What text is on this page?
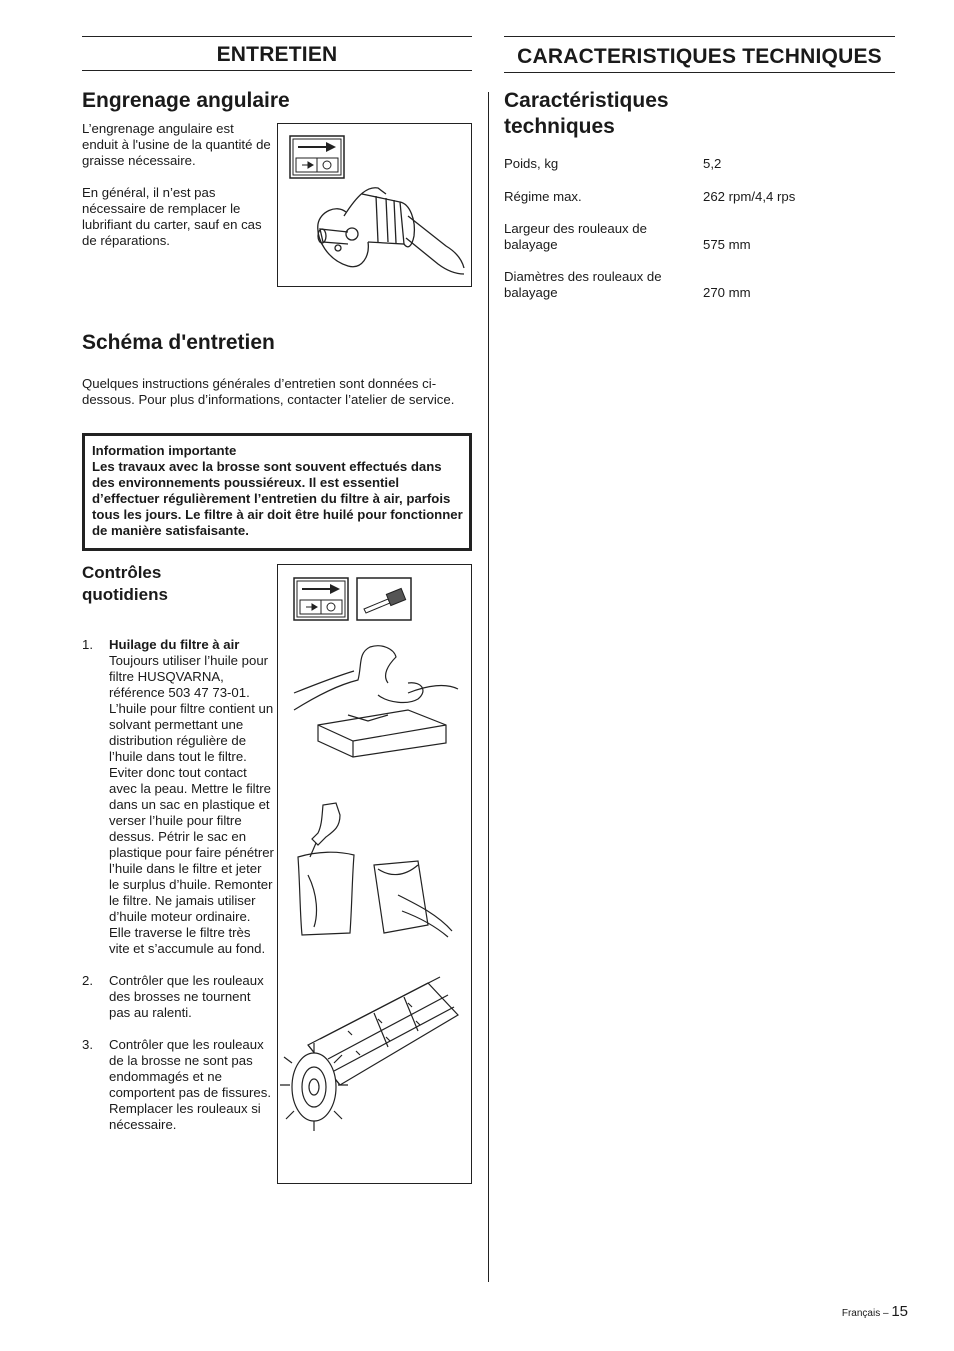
ENTRETIEN
Engrenage angulaire

L’engrenage angulaire est enduit à l'usine de la quantité de graisse nécessaire.

En général, il n’est pas nécessaire de remplacer le lubrifiant du carter, sauf en cas de réparations.

Schéma d'entretien

Quelques instructions générales d’entretien sont données ci-dessous. Pour plus d’informations, contacter l’atelier de service.

Information importante
Les travaux avec la brosse sont souvent effectués dans des environnements poussiéreux. Il est essentiel d’effectuer régulièrement l’entretien du filtre à air, parfois tous les jours. Le filtre à air doit être huilé pour fonctionner de manière satisfaisante.
Contrôles
quotidiens
1. Huilage du filtre à air
Toujours utiliser l’huile pour filtre HUSQVARNA, référence 503 47 73-01. L’huile pour filtre contient un solvant permettant une distribution régulière de l’huile dans tout le filtre. Eviter donc tout contact avec la peau. Mettre le filtre dans un sac en plastique et verser l’huile pour filtre dessus. Pétrir le sac en plastique pour faire pénétrer l’huile dans le filtre et jeter le surplus d’huile. Remonter le filtre. Ne jamais utiliser d’huile moteur ordinaire. Elle traverse le filtre très vite et s’accumule au fond.
2. Contrôler que les rouleaux des brosses ne tournent pas au ralenti.
3. Contrôler que les rouleaux de la brosse ne sont pas endommagés et ne comportent pas de fissures. Remplacer les rouleaux si nécessaire.
CARACTERISTIQUES TECHNIQUES
Caractéristiques
techniques
Poids, kg	5,2
Régime max.	262 rpm/4,4 rps
Largeur des rouleaux de balayage	575 mm
Diamètres des rouleaux de balayage	270 mm
Français – 15
